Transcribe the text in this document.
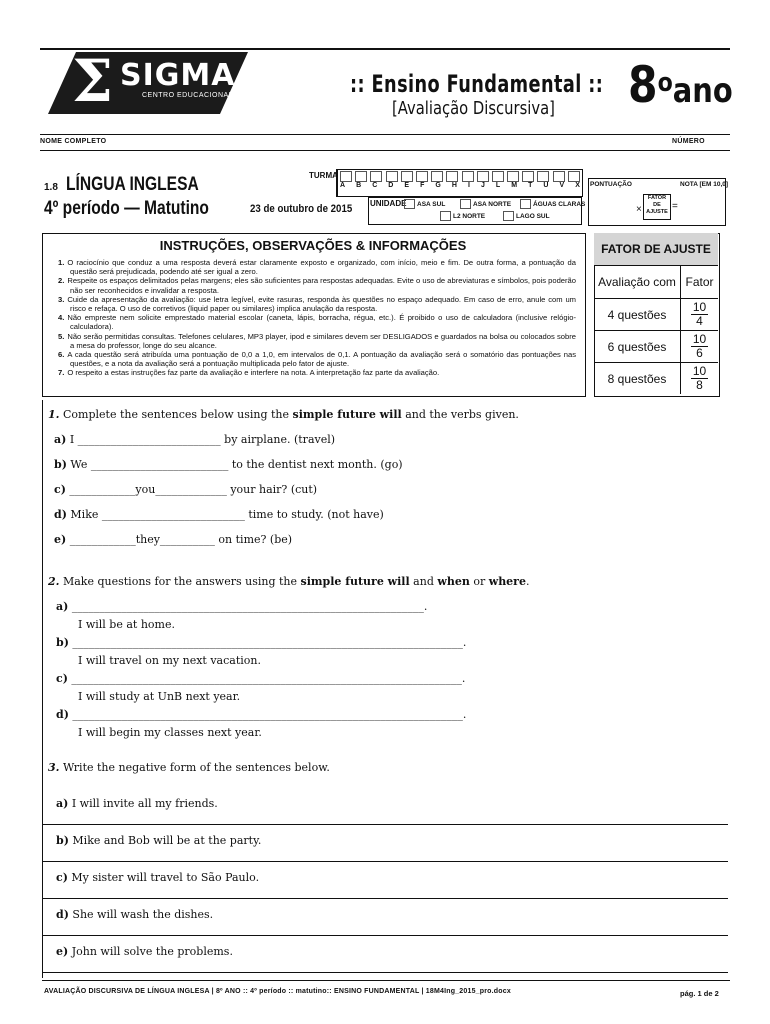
Σ SIGMA
CENTRO EDUCACIONAL	:: Ensino Fundamental ::
[Avaliação Discursiva] 8$^o$ano
NOME COMPLETO	NÚMERO
1.8 LÍNGUA INGLESA
4º período — Matutino	23 de outubro de 2015
TURMA
A B C D E F G H I J L M T U V X
UNIDADE ASA SUL	ASA NORTE	ÁGUAS CLARAS
L2 NORTE	LAGO SUL
PONTUAÇÃO	NOTA [EM 10,0]
×
FATOR
DE
AJUSTE =
INSTRUÇÕES, OBSERVAÇÕES & INFORMAÇÕES
1. O raciocínio que conduz a uma resposta deverá estar claramente exposto e organizado, com início, meio e fim. De outra forma, a pontuação da questão será prejudicada, podendo até ser igual a zero.
2. Respeite os espaços delimitados pelas margens; eles são suficientes para respostas adequadas. Evite o uso de abreviaturas e símbolos, pois poderão não ser reconhecidos e invalidar a resposta.
3. Cuide da apresentação da avaliação: use letra legível, evite rasuras, responda às questões no espaço adequado. Em caso de erro, anule com um risco e refaça. O uso de corretivos (liquid paper ou similares) implica anulação da resposta.
4. Não empreste nem solicite emprestado material escolar (caneta, lápis, borracha, régua, etc.). É proibido o uso de calculadora (inclusive relógio-calculadora).
5. Não serão permitidas consultas. Telefones celulares, MP3 player, ipod e similares devem ser DESLIGADOS e guardados na bolsa ou colocados sobre a mesa do professor, longe do seu alcance.
6. A cada questão será atribuída uma pontuação de 0,0 a 1,0, em intervalos de 0,1. A pontuação da avaliação será o somatório das pontuações nas questões, e a nota da avaliação será a pontuação multiplicada pelo fator de ajuste.
7. O respeito a estas instruções faz parte da avaliação e interfere na nota. A interpretação faz parte da avaliação.
FATOR DE AJUSTE
Avaliação com Fator
4 questões	$\frac{10}{4}$
6 questões	$\frac{10}{6}$
8 questões	$\frac{10}{8}$
1. Complete the sentences below using the simple future will and the verbs given.
a) I __________________________ by airplane. (travel)
b) We _________________________ to the dentist next month. (go)
c) ____________you_____________ your hair? (cut)
d) Mike __________________________ time to study. (not have)
e) ____________they__________ on time? (be)
2. Make questions for the answers using the simple future will and when or where.
a) ________________________________________________________________.
I will be at home.
b) _______________________________________________________________________.
I will travel on my next vacation.
c) _______________________________________________________________________.
I will study at UnB next year.
d) _______________________________________________________________________.
I will begin my classes next year.
3. Write the negative form of the sentences below.
a) I will invite all my friends.
b) Mike and Bob will be at the party.
c) My sister will travel to São Paulo.
d) She will wash the dishes.
e) John will solve the problems.
AVALIAÇÃO DISCURSIVA DE LÍNGUA INGLESA | 8º ANO :: 4º período :: matutino:: ENSINO FUNDAMENTAL | 18M4Ing_2015_pro.docx	pág. 1 de 2
